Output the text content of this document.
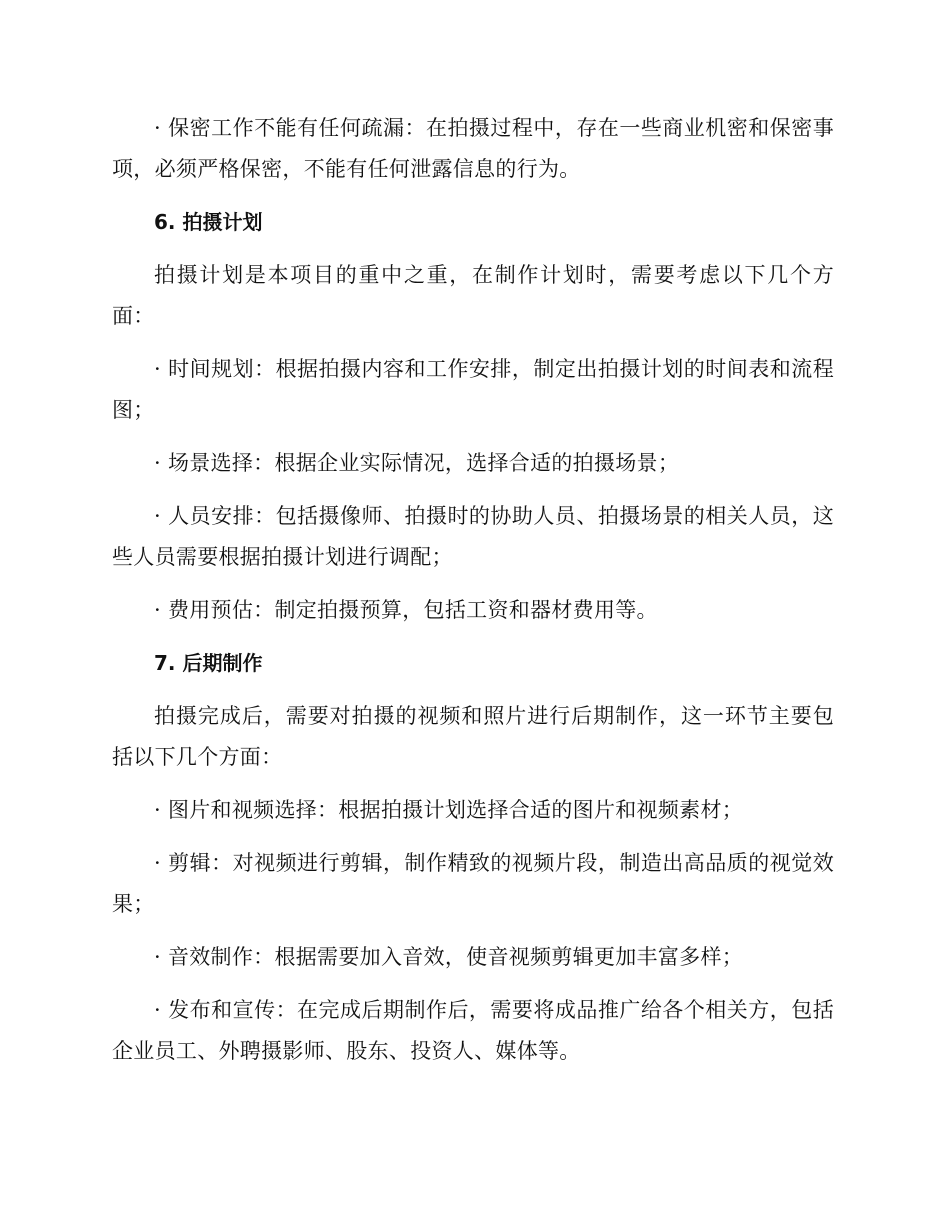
· 保密工作不能有任何疏漏：在拍摄过程中，存在一些商业机密和保密事项，必须严格保密，不能有任何泄露信息的行为。

6. 拍摄计划

拍摄计划是本项目的重中之重，在制作计划时，需要考虑以下几个方面：

· 时间规划：根据拍摄内容和工作安排，制定出拍摄计划的时间表和流程图；

· 场景选择：根据企业实际情况，选择合适的拍摄场景；

· 人员安排：包括摄像师、拍摄时的协助人员、拍摄场景的相关人员，这些人员需要根据拍摄计划进行调配；

· 费用预估：制定拍摄预算，包括工资和器材费用等。

7. 后期制作

拍摄完成后，需要对拍摄的视频和照片进行后期制作，这一环节主要包括以下几个方面：

· 图片和视频选择：根据拍摄计划选择合适的图片和视频素材；

· 剪辑：对视频进行剪辑，制作精致的视频片段，制造出高品质的视觉效果；

· 音效制作：根据需要加入音效，使音视频剪辑更加丰富多样；

· 发布和宣传：在完成后期制作后，需要将成品推广给各个相关方，包括企业员工、外聘摄影师、股东、投资人、媒体等。
